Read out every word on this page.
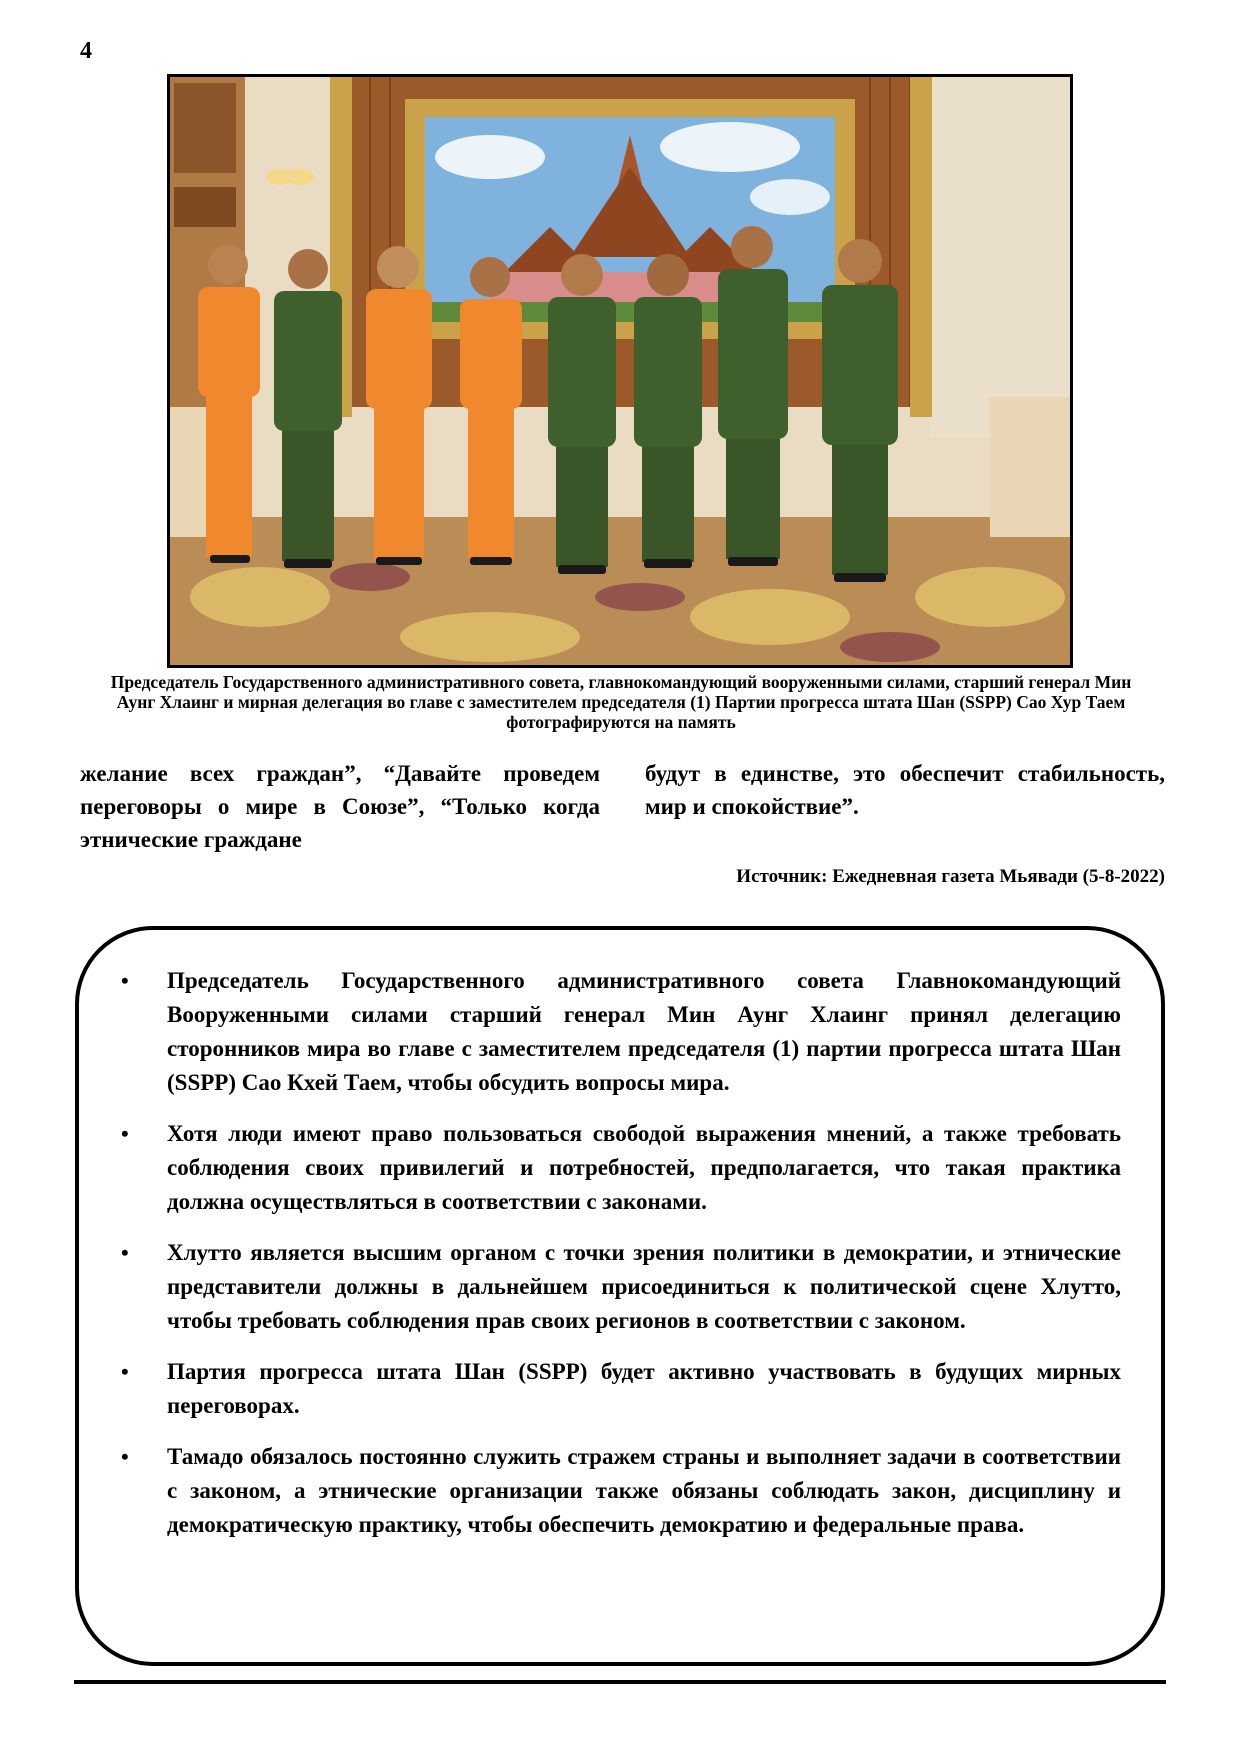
4
Председатель Государственного административного совета, главнокомандующий вооруженными силами, старший генерал Мин Аунг Хлаинг и мирная делегация во главе с заместителем председателя (1) Партии прогресса штата Шан (SSPP) Сао Хур Таем фотографируются на память

желание всех граждан”, “Давайте проведем переговоры о мире в Союзе”, “Только когда этнические граждане

будут в единстве, это обеспечит стабильность, мир и спокойствие”.

Источник: Ежедневная газета Мьявади (5-8-2022)
• Председатель Государственного административного совета Главнокомандующий Вооруженными силами старший генерал Мин Аунг Хлаинг принял делегацию сторонников мира во главе с заместителем председателя (1) партии прогресса штата Шан (SSPP) Сао Кхей Таем, чтобы обсудить вопросы мира.
• Хотя люди имеют право пользоваться свободой выражения мнений, а также требовать соблюдения своих привилегий и потребностей, предполагается, что такая практика должна осуществляться в соответствии с законами.
• Хлутто является высшим органом с точки зрения политики в демократии, и этнические представители должны в дальнейшем присоединиться к политической сцене Хлутто, чтобы требовать соблюдения прав своих регионов в соответствии с законом.
• Партия прогресса штата Шан (SSPP) будет активно участвовать в будущих мирных переговорах.
• Тамадо обязалось постоянно служить стражем страны и выполняет задачи в соответствии с законом, а этнические организации также обязаны соблюдать закон, дисциплину и демократическую практику, чтобы обеспечить демократию и федеральные права.
